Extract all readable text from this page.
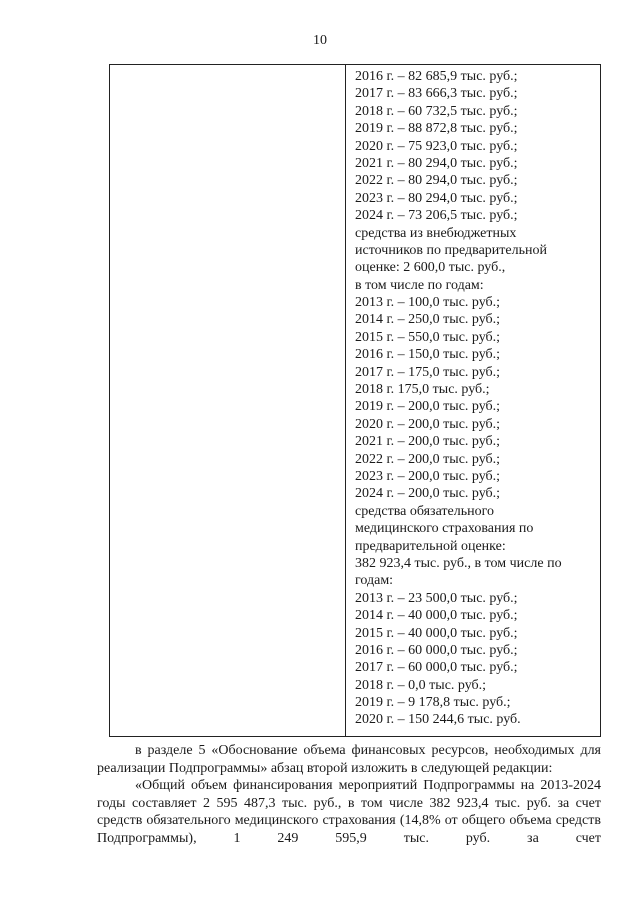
10
2016 г. – 82 685,9 тыс. руб.;
2017 г. – 83 666,3 тыс. руб.;
2018 г. – 60 732,5 тыс. руб.;
2019 г. – 88 872,8 тыс. руб.;
2020 г. – 75 923,0 тыс. руб.;
2021 г. – 80 294,0 тыс. руб.;
2022 г. – 80 294,0 тыс. руб.;
2023 г. – 80 294,0 тыс. руб.;
2024 г. – 73 206,5 тыс. руб.;
средства из внебюджетных
источников по предварительной
оценке: 2 600,0 тыс. руб.,
в том числе по годам:
2013 г. – 100,0 тыс. руб.;
2014 г. – 250,0 тыс. руб.;
2015 г. – 550,0 тыс. руб.;
2016 г. – 150,0 тыс. руб.;
2017 г. – 175,0 тыс. руб.;
2018 г. 175,0 тыс. руб.;
2019 г. – 200,0 тыс. руб.;
2020 г. – 200,0 тыс. руб.;
2021 г. – 200,0 тыс. руб.;
2022 г. – 200,0 тыс. руб.;
2023 г. – 200,0 тыс. руб.;
2024 г. – 200,0 тыс. руб.;
средства обязательного
медицинского страхования по
предварительной оценке:
382 923,4 тыс. руб., в том числе по
годам:
2013 г. – 23 500,0 тыс. руб.;
2014 г. – 40 000,0 тыс. руб.;
2015 г. – 40 000,0 тыс. руб.;
2016 г. – 60 000,0 тыс. руб.;
2017 г. – 60 000,0 тыс. руб.;
2018 г. – 0,0 тыс. руб.;
2019 г. – 9 178,8 тыс. руб.;
2020 г. – 150 244,6 тыс. руб.

в разделе 5 «Обоснование объема финансовых ресурсов, необходимых для реализации Подпрограммы» абзац второй изложить в следующей редакции:

«Общий объем финансирования мероприятий Подпрограммы на 2013-2024 годы составляет 2 595 487,3 тыс. руб., в том числе 382 923,4 тыс. руб. за счет средств обязательного медицинского страхования (14,8% от общего объема средств Подпрограммы), 1 249 595,9 тыс. руб. за счет
